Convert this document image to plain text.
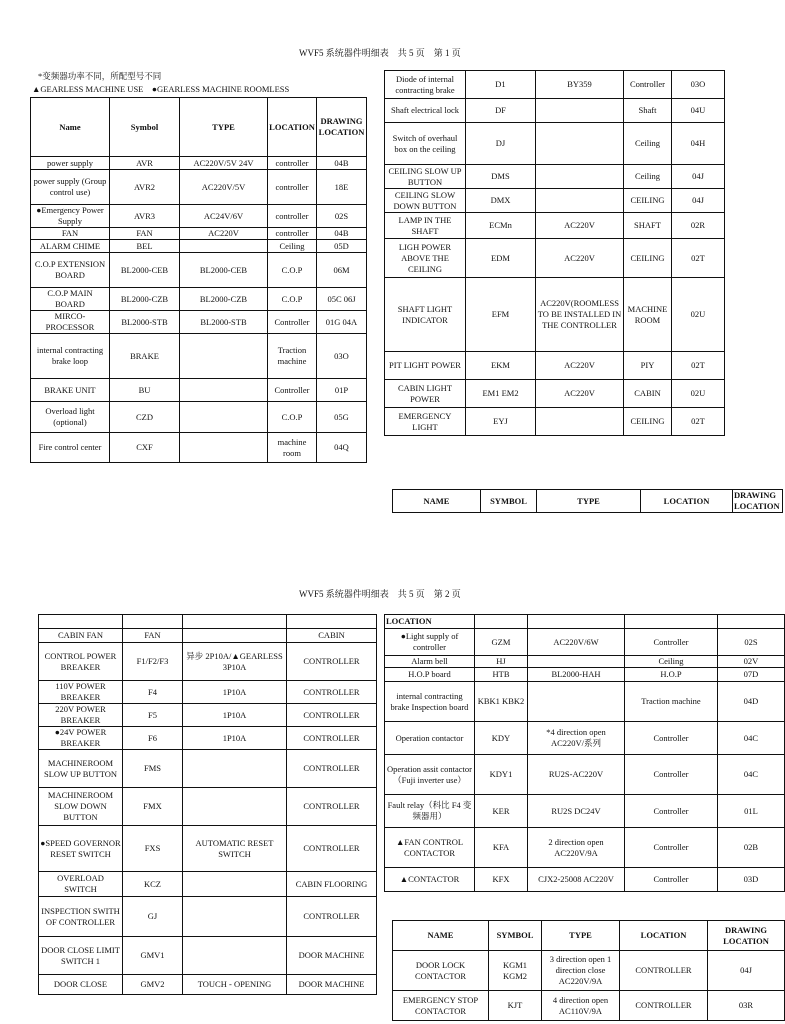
WVF5 系统器件明细表　共 5 页　第 1 页
*变频器功率不同，所配型号不同
▲GEARLESS MACHINE USE　●GEARLESS MACHINE ROOMLESS
Name	Symbol	TYPE	LOCATION	DRAWING LOCATION
power supply	AVR	AC220V/5V 24V	controller	04B
power supply (Group control use)	AVR2	AC220V/5V	controller	18E
●Emergency Power Supply	AVR3	AC24V/6V	controller	02S
FAN	FAN	AC220V	controller	04B
ALARM CHIME	BEL		Ceiling	05D
C.O.P EXTENSION BOARD	BL2000-CEB	BL2000-CEB	C.O.P	06M
C.O.P MAIN BOARD	BL2000-CZB	BL2000-CZB	C.O.P	05C 06J
MIRCO-PROCESSOR	BL2000-STB	BL2000-STB	Controller	01G 04A
internal contracting brake loop	BRAKE		Traction machine	03O
BRAKE UNIT	BU		Controller	01P
Overload light (optional)	CZD		C.O.P	05G
Fire control center	CXF		machine room	04Q
Diode of internal contracting brake	D1	BY359	Controller	03O
Shaft electrical lock	DF		Shaft	04U
Switch of overhaul box on the ceiling	DJ		Ceiling	04H
CEILING SLOW UP BUTTON	DMS		Ceiling	04J
CEILING SLOW DOWN BUTTON	DMX		CEILING	04J
LAMP IN THE SHAFT	ECMn	AC220V	SHAFT	02R
LIGH POWER ABOVE THE CEILING	EDM	AC220V	CEILING	02T
SHAFT LIGHT INDICATOR	EFM	AC220V(ROOMLESS TO BE INSTALLED IN THE CONTROLLER	MACHINE ROOM	02U
PIT LIGHT POWER	EKM	AC220V	PIY	02T
CABIN LIGHT POWER	EM1 EM2	AC220V	CABIN	02U
EMERGENCY LIGHT	EYJ		CEILING	02T
NAME	SYMBOL	TYPE	LOCATION	DRAWING LOCATION
WVF5 系统器件明细表　共 5 页　第 2 页

CABIN FAN	FAN		CABIN
CONTROL POWER BREAKER	F1/F2/F3	异步 2P10A/▲GEARLESS 3P10A	CONTROLLER
110V POWER BREAKER	F4	1P10A	CONTROLLER
220V POWER BREAKER	F5	1P10A	CONTROLLER
●24V POWER BREAKER	F6	1P10A	CONTROLLER
MACHINEROOM SLOW UP BUTTON	FMS		CONTROLLER
MACHINEROOM SLOW DOWN BUTTON	FMX		CONTROLLER
●SPEED GOVERNOR RESET SWITCH	FXS	AUTOMATIC RESET SWITCH	CONTROLLER
OVERLOAD SWITCH	KCZ		CABIN FLOORING
INSPECTION SWITH OF CONTROLLER	GJ		CONTROLLER
DOOR CLOSE LIMIT SWITCH 1	GMV1		DOOR MACHINE
DOOR CLOSE	GMV2	TOUCH - OPENING	DOOR MACHINE
LOCATION				
●Light supply of controller	GZM	AC220V/6W	Controller	02S
Alarm bell	HJ		Ceiling	02V
H.O.P board	HTB	BL2000-HAH	H.O.P	07D
internal contracting brake Inspection board	KBK1 KBK2		Traction machine	04D
Operation contactor	KDY	*4 direction open AC220V/系列	Controller	04C
Operation assit contactor（Fuji inverter use）	KDY1	RU2S-AC220V	Controller	04C
Fault relay（科比 F4 变频器用）	KER	RU2S DC24V	Controller	01L
▲FAN CONTROL CONTACTOR	KFA	2 direction open AC220V/9A	Controller	02B
▲CONTACTOR	KFX	CJX2-25008 AC220V	Controller	03D
NAME	SYMBOL	TYPE	LOCATION	DRAWING LOCATION
DOOR LOCK CONTACTOR	KGM1 KGM2	3 direction open 1 direction close AC220V/9A	CONTROLLER	04J
EMERGENCY STOP CONTACTOR	KJT	4 direction open AC110V/9A	CONTROLLER	03R
